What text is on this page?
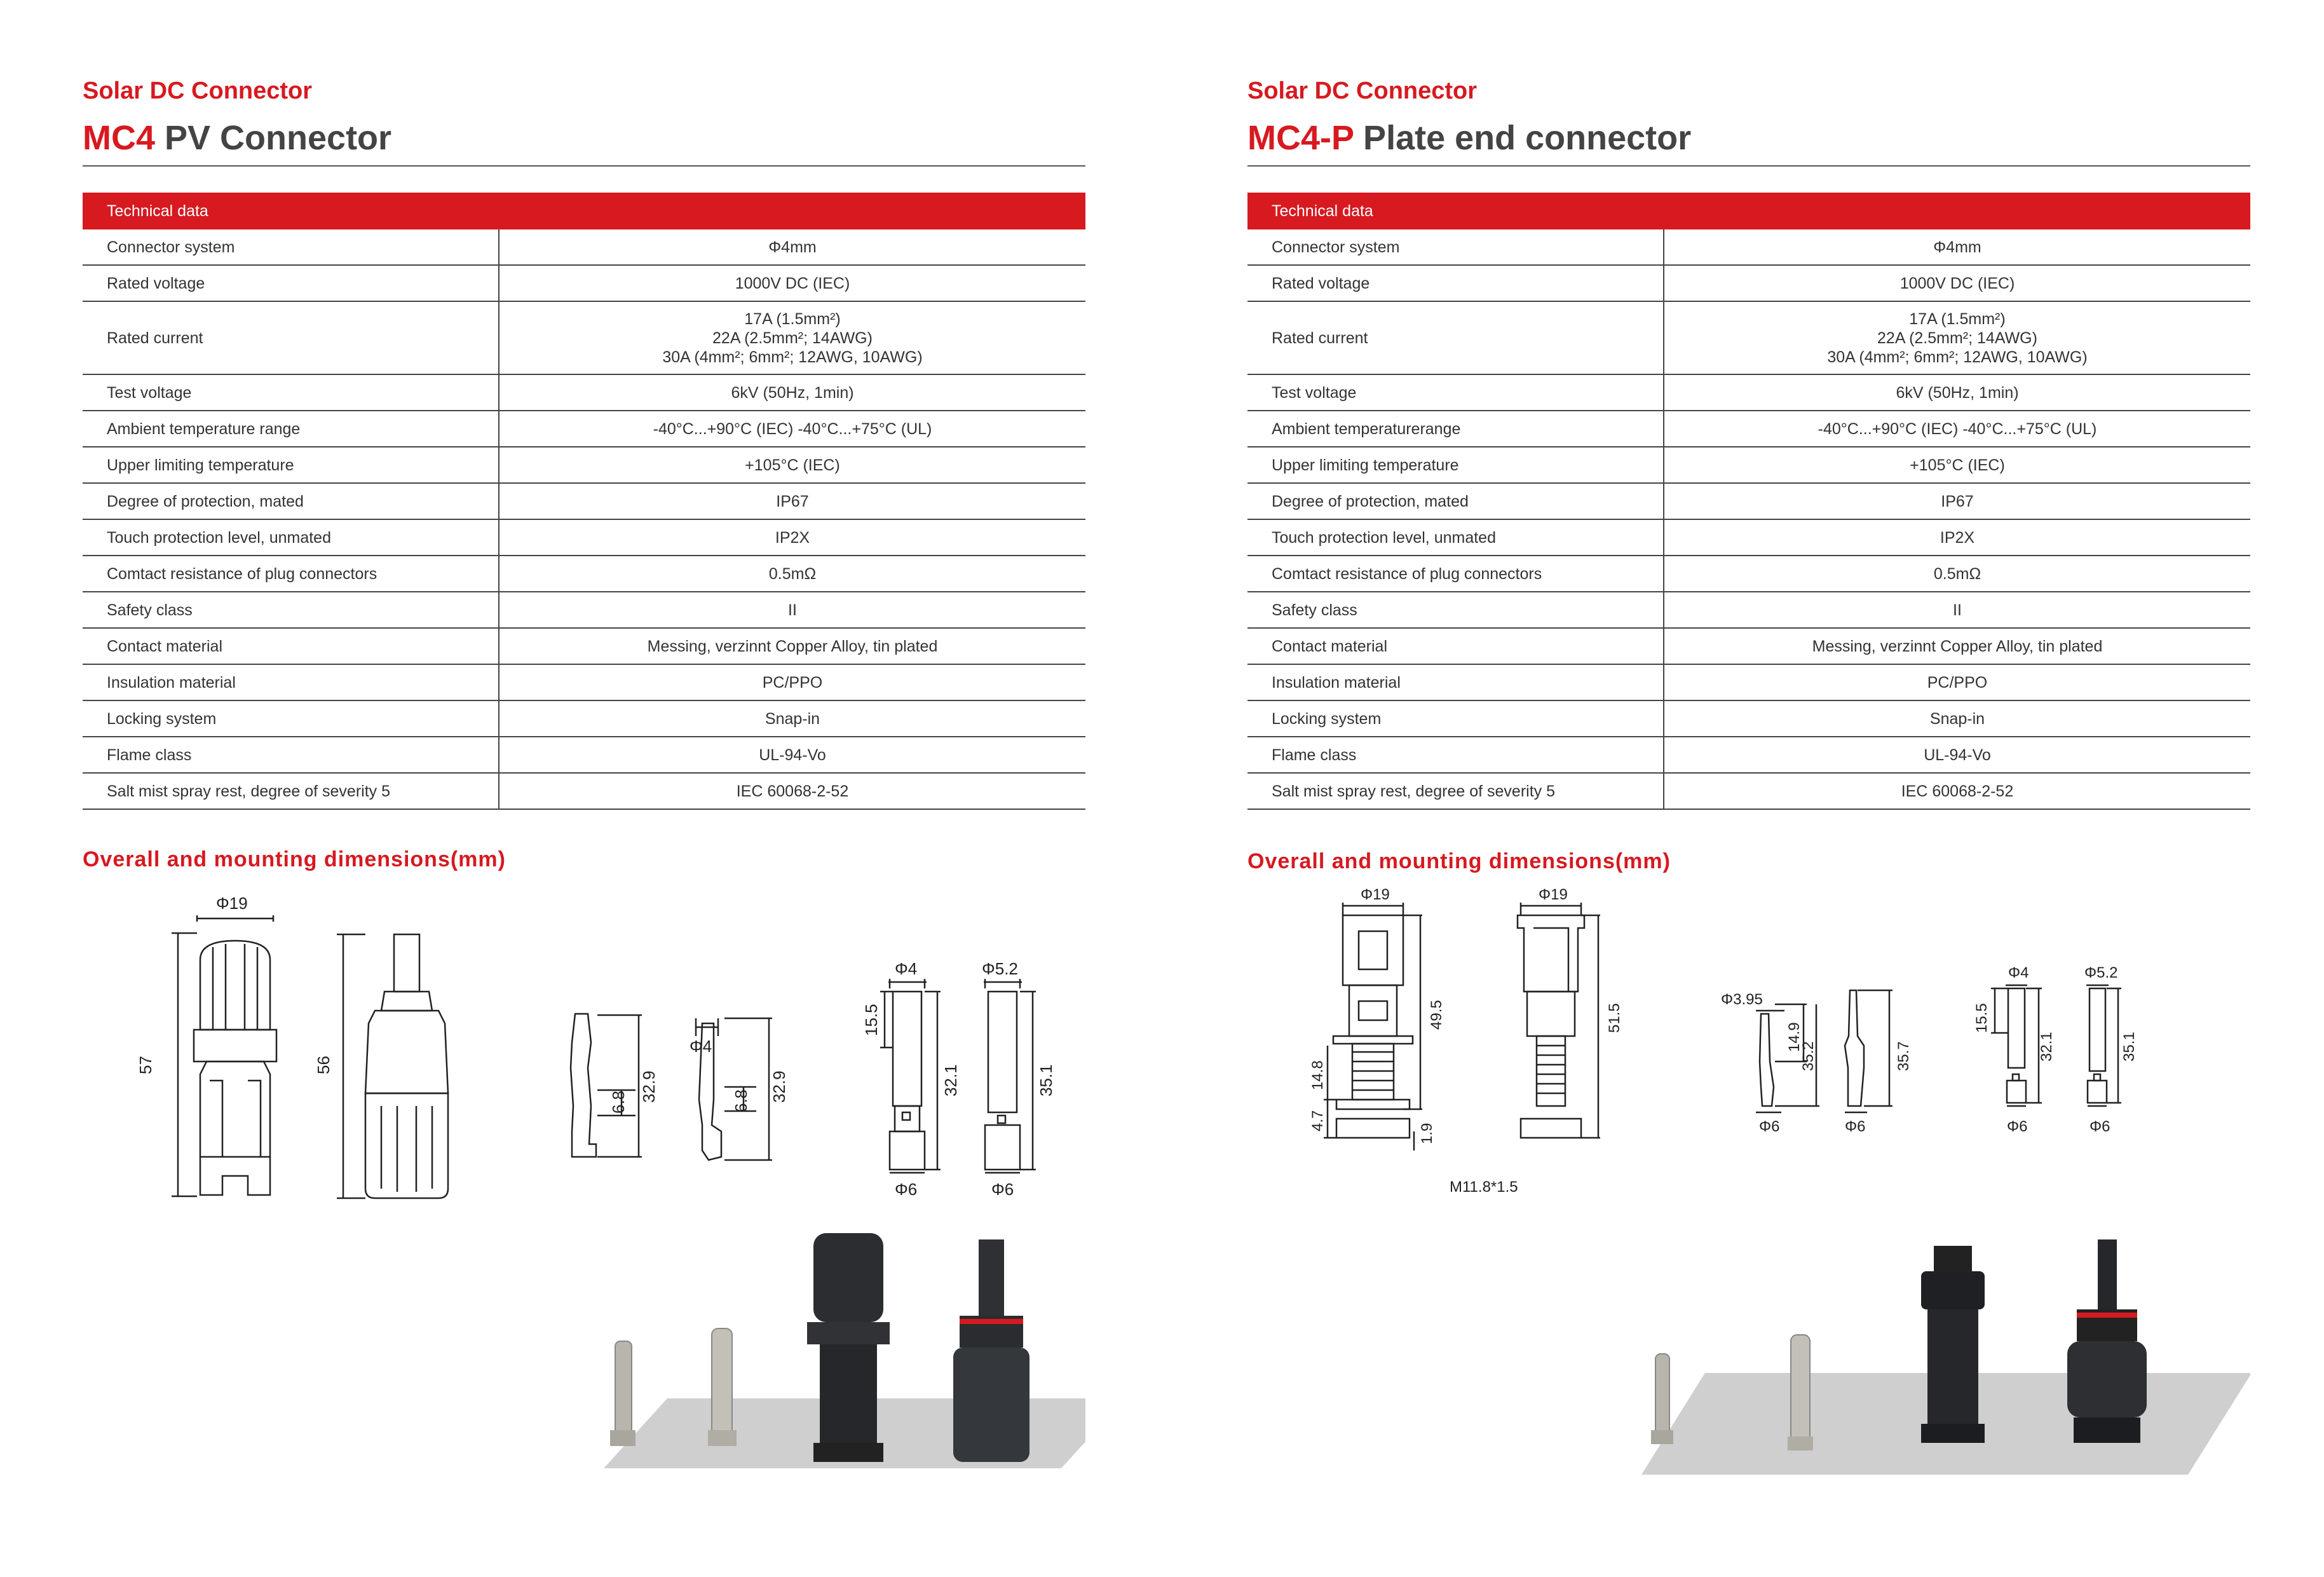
Solar DC Connector
MC4 PV Connector
Technical data	
Connector system	Φ4mm
Rated voltage	1000V DC (IEC)
Rated current	17A (1.5mm²)
22A (2.5mm²; 14AWG)
30A (4mm²; 6mm²; 12AWG, 10AWG)
Test voltage	6kV (50Hz, 1min)
Ambient temperature range	-40°C...+90°C (IEC) -40°C...+75°C (UL)
Upper limiting temperature	+105°C (IEC)
Degree of protection, mated	IP67
Touch protection level, unmated	IP2X
Comtact resistance of plug connectors	0.5mΩ
Safety class	II
Contact material	Messing, verzinnt Copper Alloy, tin plated
Insulation material	PC/PPO
Locking system	Snap-in
Flame class	UL-94-Vo
Salt mist spray rest, degree of severity 5	IEC 60068-2-52
Overall and mounting dimensions(mm)
Φ19
57	56
6.8 32.9
Φ4
6.8 32.9
Φ4
15.5
32.1
Φ6
Φ5.2
35.1
Φ6
Solar DC Connector
MC4-P Plate end connector
Technical data	
Connector system	Φ4mm
Rated voltage	1000V DC (IEC)
Rated current	17A (1.5mm²)
22A (2.5mm²; 14AWG)
30A (4mm²; 6mm²; 12AWG, 10AWG)
Test voltage	6kV (50Hz, 1min)
Ambient temperaturerange	-40°C...+90°C (IEC) -40°C...+75°C (UL)
Upper limiting temperature	+105°C (IEC)
Degree of protection, mated	IP67
Touch protection level, unmated	IP2X
Comtact resistance of plug connectors	0.5mΩ
Safety class	II
Contact material	Messing, verzinnt Copper Alloy, tin plated
Insulation material	PC/PPO
Locking system	Snap-in
Flame class	UL-94-Vo
Salt mist spray rest, degree of severity 5	IEC 60068-2-52
Overall and mounting dimensions(mm)
Φ19
49.5
14.8
4.7
1.9
M11.8*1.5
Φ19
51.5
Φ3.95
14.9
35.2
Φ6
35.7
Φ6
Φ4
15.5
32.1
Φ6
Φ5.2
35.1
Φ6
